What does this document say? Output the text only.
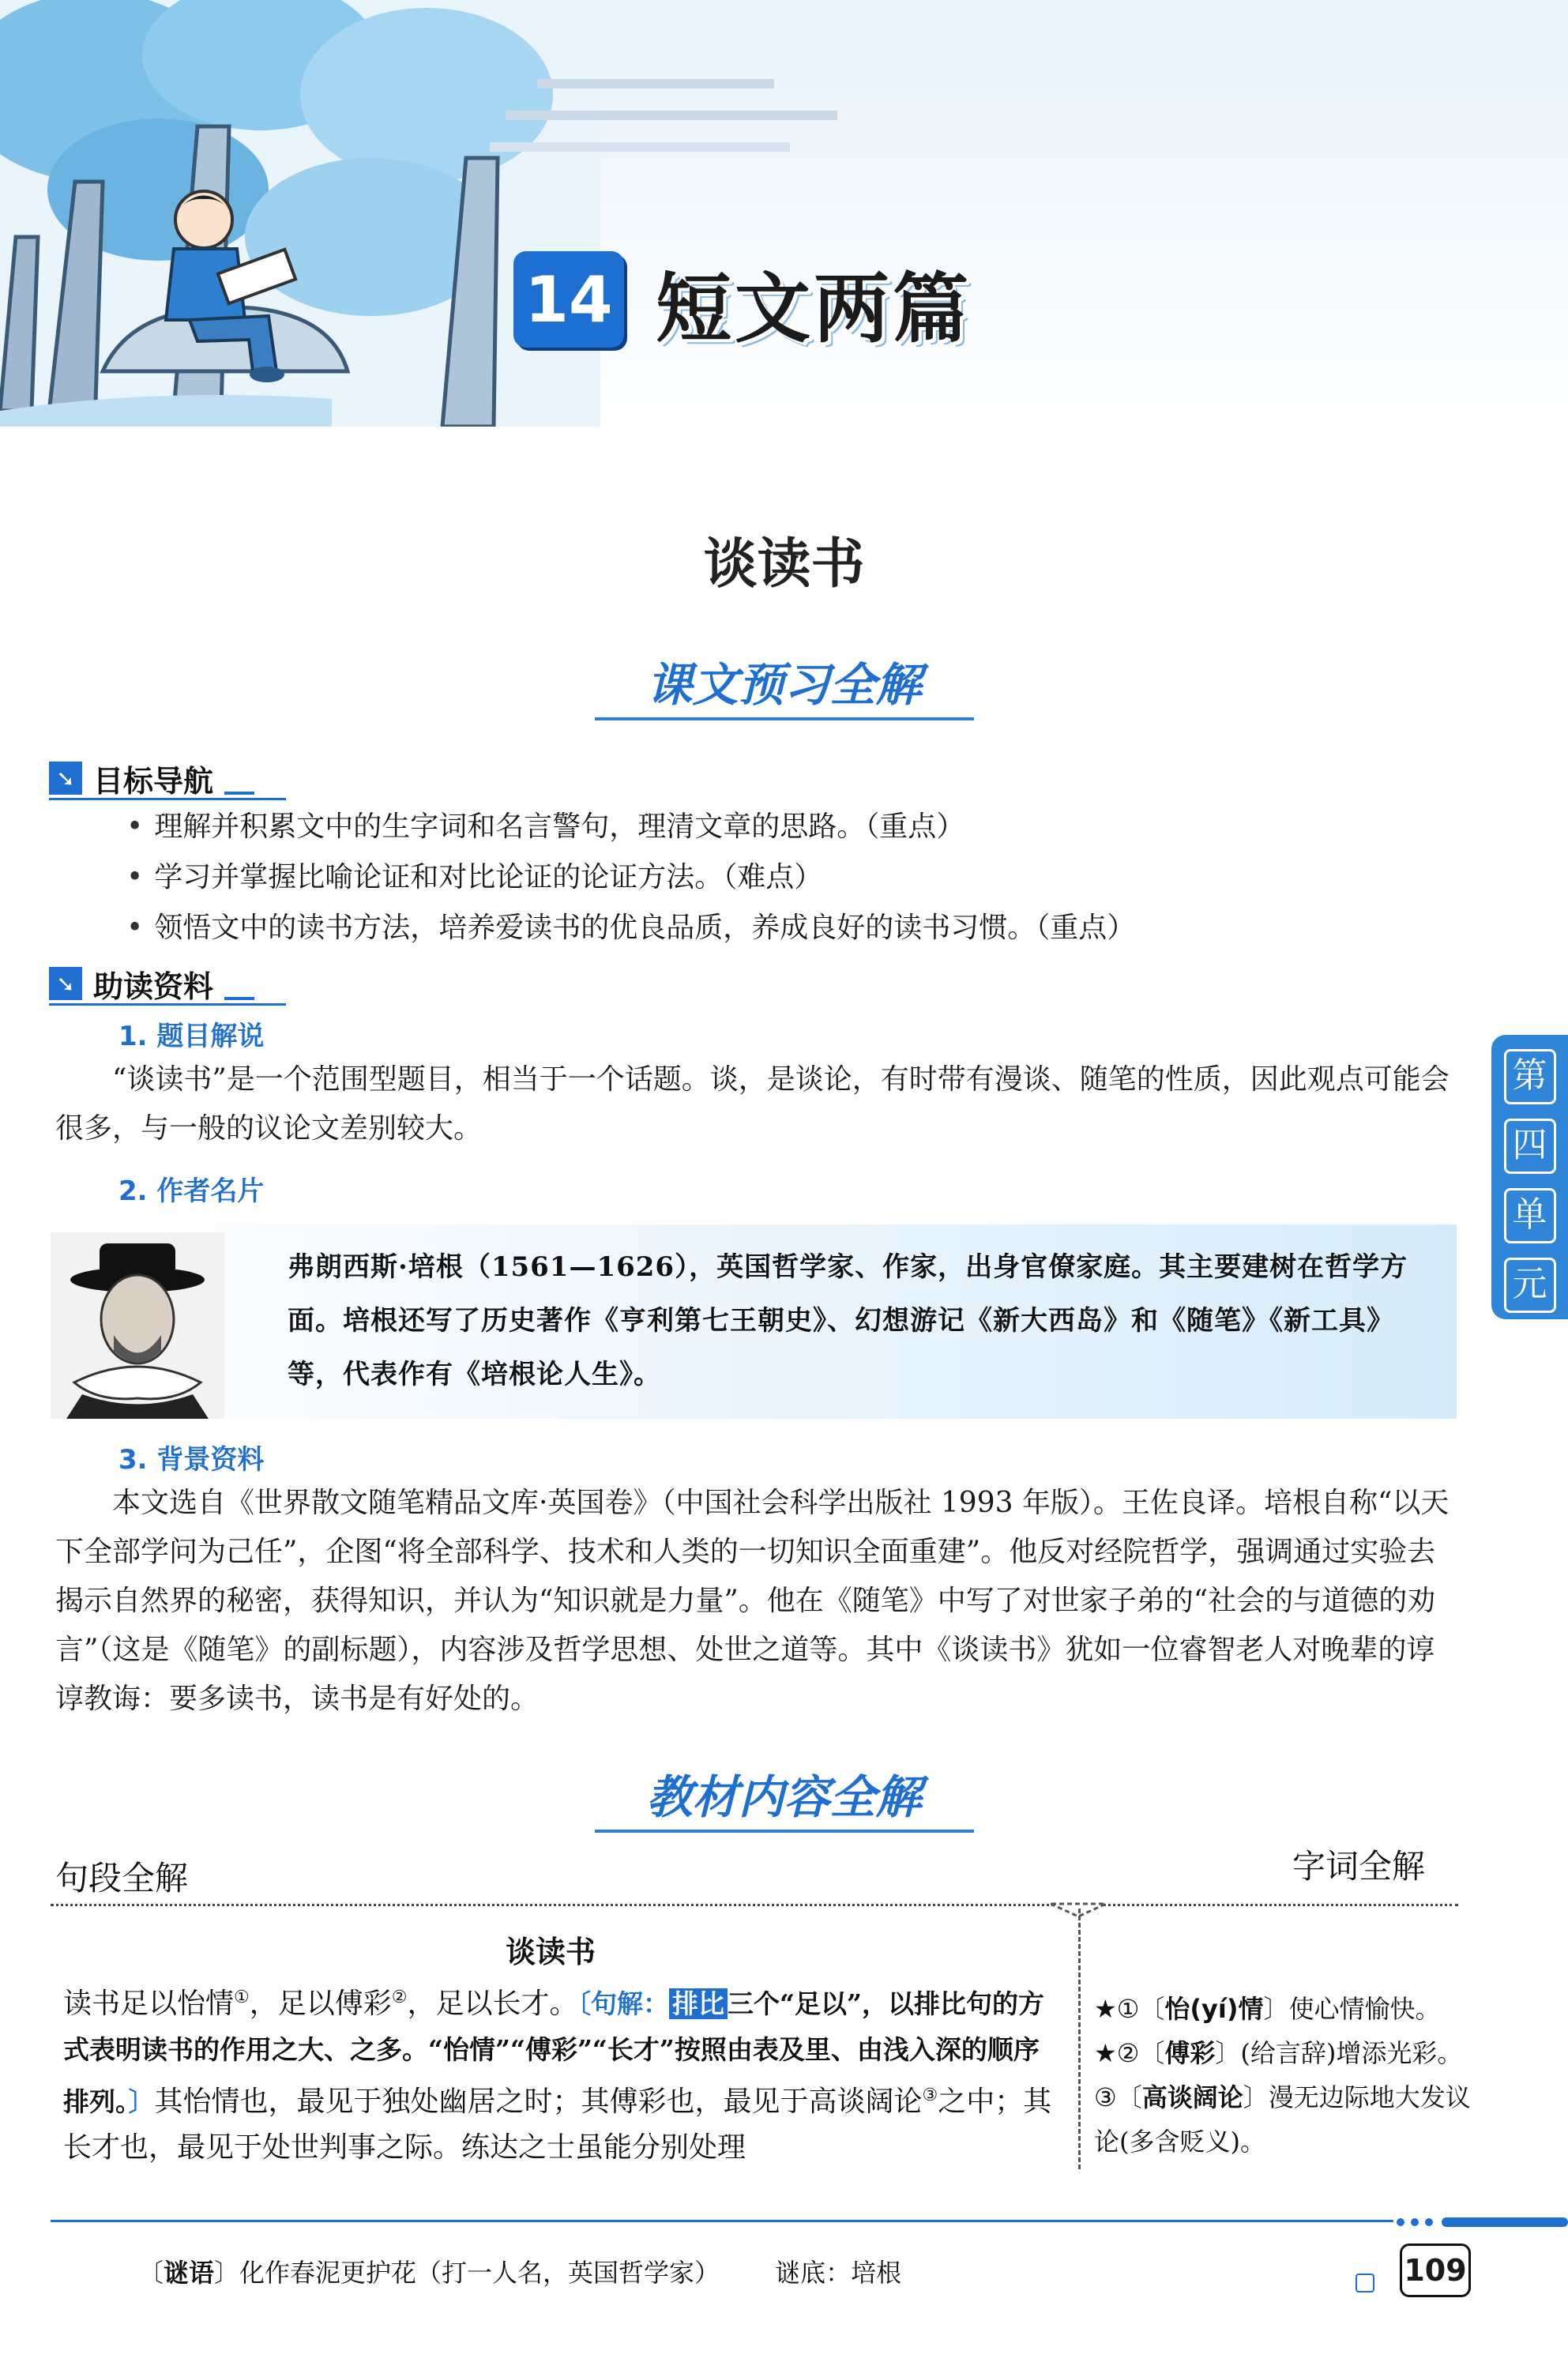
14 短文两篇
谈读书
课文预习全解
➘ 目标导航
• 理解并积累文中的生字词和名言警句，理清文章的思路。（重点）
• 学习并掌握比喻论证和对比论证的论证方法。（难点）
• 领悟文中的读书方法，培养爱读书的优良品质，养成良好的读书习惯。（重点）
➘ 助读资料
1. 题目解说

“谈读书”是一个范围型题目，相当于一个话题。谈，是谈论，有时带有漫谈、随笔的性质，因此观点可能会很多，与一般的议论文差别较大。

2. 作者名片
弗朗西斯·培根（1561—1626），英国哲学家、作家，出身官僚家庭。其主要建树在哲学方面。培根还写了历史著作《亨利第七王朝史》、幻想游记《新大西岛》和《随笔》《新工具》等，代表作有《培根论人生》。
3. 背景资料

本文选自《世界散文随笔精品文库·英国卷》（中国社会科学出版社 1993 年版）。王佐良译。培根自称“以天下全部学问为己任”，企图“将全部科学、技术和人类的一切知识全面重建”。他反对经院哲学，强调通过实验去揭示自然界的秘密，获得知识，并认为“知识就是力量”。他在《随笔》中写了对世家子弟的“社会的与道德的劝言”（这是《随笔》的副标题），内容涉及哲学思想、处世之道等。其中《谈读书》犹如一位睿智老人对晚辈的谆谆教诲：要多读书，读书是有好处的。

第
四
单
元
教材内容全解
句段全解	字词全解
谈读书

读书足以怡情①，足以傅彩②，足以长才。〔句解： 排比 三个“足以”，以排比句的方式表明读书的作用之大、之多。“怡情”“傅彩”“长才”按照由表及里、由浅入深的顺序排列。〕其怡情也，最见于独处幽居之时；其傅彩也，最见于高谈阔论③之中；其长才也，最见于处世判事之际。练达之士虽能分别处理

★①〔怡(yí)情〕使心情愉快。
★②〔傅彩〕(给言辞)增添光彩。
③〔高谈阔论〕漫无边际地大发议论(多含贬义)。
〔谜语〕化作春泥更护花（打一人名，英国哲学家） 谜底：培根	109
